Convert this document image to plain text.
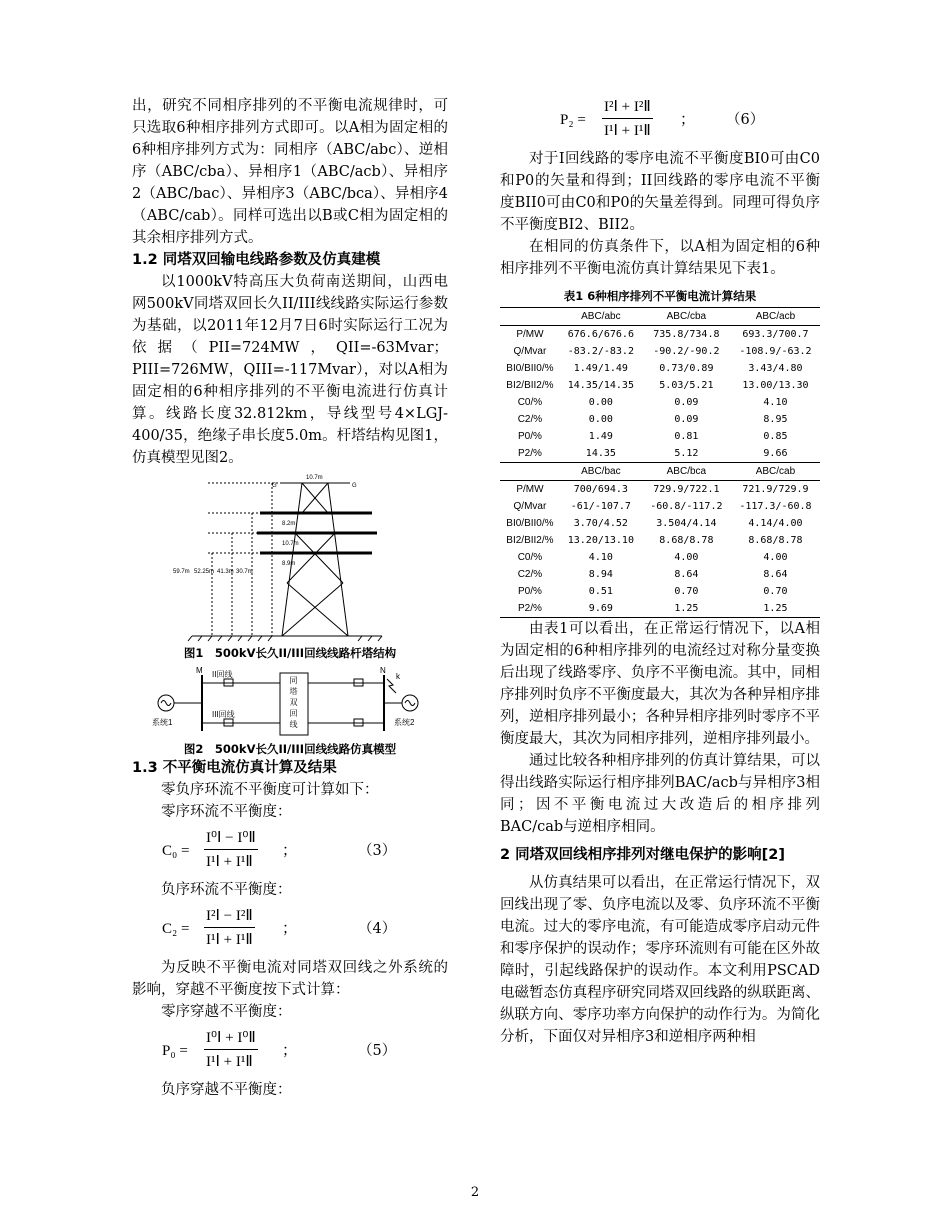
出，研究不同相序排列的不平衡电流规律时，可只选取6种相序排列方式即可。以A相为固定相的6种相序排列方式为：同相序（ABC/abc）、逆相序（ABC/cba）、异相序1（ABC/acb）、异相序2（ABC/bac）、异相序3（ABC/bca）、异相序4（ABC/cab）。同样可选出以B或C相为固定相的其余相序排列方式。

1.2 同塔双回输电线路参数及仿真建模

以1000kV特高压大负荷南送期间，山西电网500kV同塔双回长久II/III线线路实际运行参数为基础，以2011年12月7日6时实际运行工况为依据（PII=724MW，QII=-63Mvar；PIII=726MW，QIII=-117Mvar），对以A相为固定相的6种相序排列的不平衡电流进行仿真计算。线路长度32.812km，导线型号4×LGJ-400/35，绝缘子串长度5.0m。杆塔结构见图1，仿真模型见图2。

10.7m
G	G
8.2m
10.7m
8.9m
59.7m 52.25m 41.3m 30.7m
图1　500kV长久II/III回线线路杆塔结构
M	N
k
II回线
III回线
系统1	系统2
同塔双回线
图2　500kV长久II/III回线线路仿真模型
1.3 不平衡电流仿真计算及结果

零负序环流不平衡度可计算如下：

零序环流不平衡度：

C₀ =
I⁰Ⅰ − I⁰Ⅱ
I¹Ⅰ + I¹Ⅱ
；	（3）

负序环流不平衡度：

C₂ =
I²Ⅰ − I²Ⅱ
I¹Ⅰ + I¹Ⅱ
；	（4）

为反映不平衡电流对同塔双回线之外系统的影响，穿越不平衡度按下式计算：

零序穿越不平衡度：

P₀ =
I⁰Ⅰ + I⁰Ⅱ
I¹Ⅰ + I¹Ⅱ
；	（5）

负序穿越不平衡度：

P₂ =
I²Ⅰ + I²Ⅱ
I¹Ⅰ + I¹Ⅱ
； （6）

对于I回线路的零序电流不平衡度BI0可由C0和P0的矢量和得到；II回线路的零序电流不平衡度BII0可由C0和P0的矢量差得到。同理可得负序不平衡度BI2、BII2。

在相同的仿真条件下，以A相为固定相的6种相序排列不平衡电流仿真计算结果见下表1。

表1 6种相序排列不平衡电流计算结果
	ABC/abc	ABC/cba	ABC/acb
P/MW	676.6/676.6	735.8/734.8	693.3/700.7
Q/Mvar	-83.2/-83.2	-90.2/-90.2	-108.9/-63.2
BI0/BII0/%	1.49/1.49	0.73/0.89	3.43/4.80
BI2/BII2/%	14.35/14.35	5.03/5.21	13.00/13.30
C0/%	0.00	0.09	4.10
C2/%	0.00	0.09	8.95
P0/%	1.49	0.81	0.85
P2/%	14.35	5.12	9.66
	ABC/bac	ABC/bca	ABC/cab
P/MW	700/694.3	729.9/722.1	721.9/729.9
Q/Mvar	-61/-107.7	-60.8/-117.2	-117.3/-60.8
BI0/BII0/%	3.70/4.52	3.504/4.14	4.14/4.00
BI2/BII2/%	13.20/13.10	8.68/8.78	8.68/8.78
C0/%	4.10	4.00	4.00
C2/%	8.94	8.64	8.64
P0/%	0.51	0.70	0.70
P2/%	9.69	1.25	1.25

由表1可以看出，在正常运行情况下，以A相为固定相的6种相序排列的电流经过对称分量变换后出现了线路零序、负序不平衡电流。其中，同相序排列时负序不平衡度最大，其次为各种异相序排列，逆相序排列最小；各种异相序排列时零序不平衡度最大，其次为同相序排列，逆相序排列最小。

通过比较各种相序排列的仿真计算结果，可以得出线路实际运行相序排列BAC/acb与异相序3相同；因不平衡电流过大改造后的相序排列BAC/cab与逆相序相同。

2 同塔双回线相序排列对继电保护的影响[2]

从仿真结果可以看出，在正常运行情况下，双回线出现了零、负序电流以及零、负序环流不平衡电流。过大的零序电流，有可能造成零序启动元件和零序保护的误动作；零序环流则有可能在区外故障时，引起线路保护的误动作。本文利用PSCAD电磁暂态仿真程序研究同塔双回线路的纵联距离、纵联方向、零序功率方向保护的动作行为。为简化分析，下面仅对异相序3和逆相序两种相

2
